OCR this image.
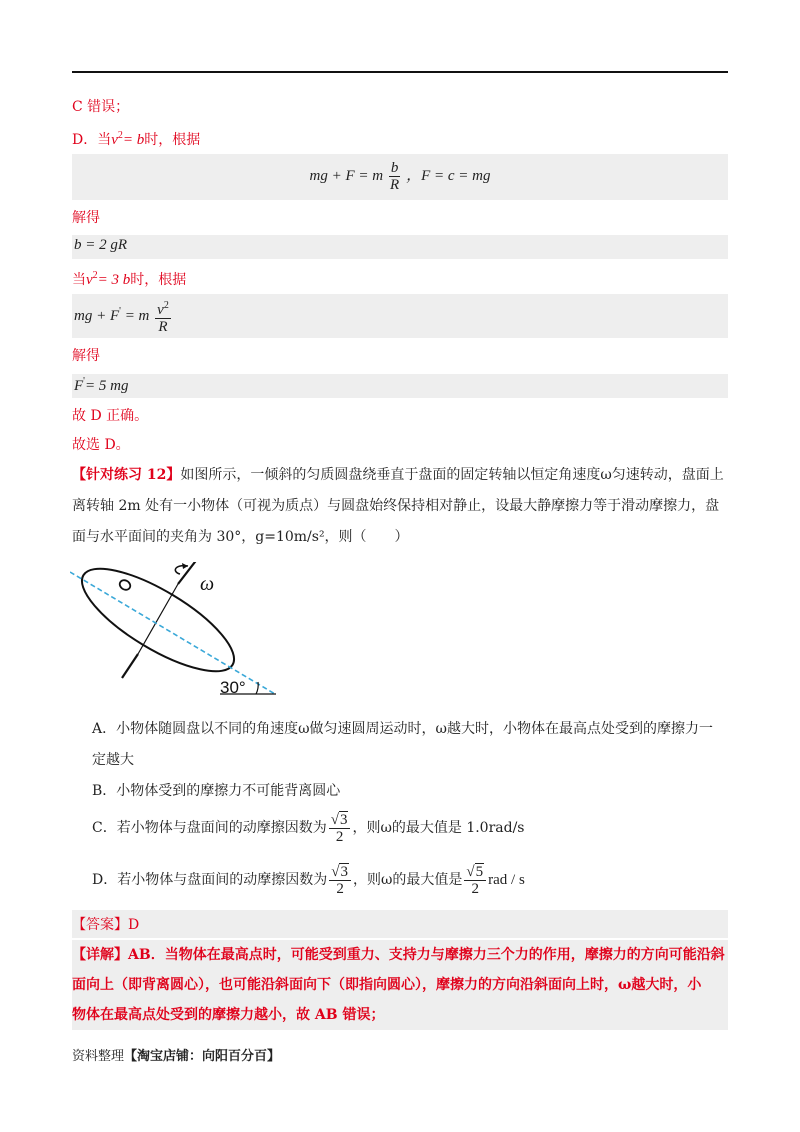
C 错误；
D．当$v^2= b$时，根据
mg + F = m $\frac{b}{R}$ ，F = c = mg
解得
b = 2 gR
当$v^2= 3$ b时，根据
mg + F' = m $\frac{v^2}{R}$
解得
F'= 5 mg
故 D 正确。
故选 D。
【针对练习 12】如图所示，一倾斜的匀质圆盘绕垂直于盘面的固定转轴以恒定角速度ω匀速转动，盘面上
离转轴 2m 处有一小物体（可视为质点）与圆盘始终保持相对静止，设最大静摩擦力等于滑动摩擦力，盘
面与水平面间的夹角为 30°，g=10m/s²，则（　　）
ω
30°
A．小物体随圆盘以不同的角速度ω做匀速圆周运动时，ω越大时，小物体在最高点处受到的摩擦力一
定越大
B．小物体受到的摩擦力不可能背离圆心
C．若小物体与盘面间的动摩擦因数为 $\frac{√3}{2}$ ，则ω的最大值是 1.0rad/s
D．若小物体与盘面间的动摩擦因数为 $\frac{√3}{2}$ ，则ω的最大值是 $\frac{√5}{2}$ rad / s
【答案】D
【详解】AB．当物体在最高点时，可能受到重力、支持力与摩擦力三个力的作用，摩擦力的方向可能沿斜
面向上（即背离圆心），也可能沿斜面向下（即指向圆心），摩擦力的方向沿斜面向上时，ω越大时，小
物体在最高点处受到的摩擦力越小，故 AB 错误；
资料整理【淘宝店铺：向阳百分百】
